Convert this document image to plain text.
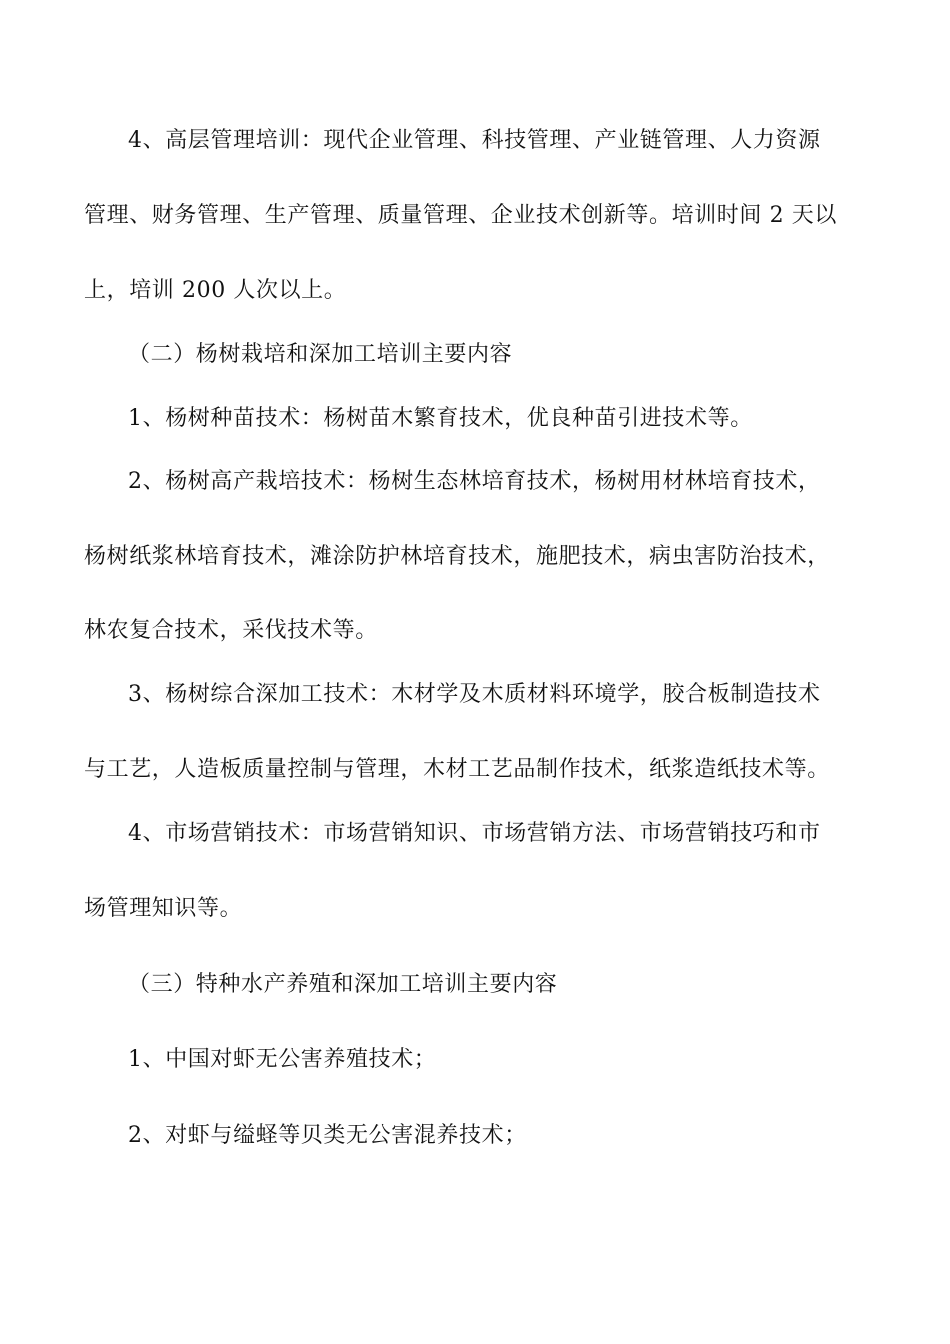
4、高层管理培训：现代企业管理、科技管理、产业链管理、人力资源
管理、财务管理、生产管理、质量管理、企业技术创新等。培训时间 2 天以
上，培训 200 人次以上。
（二）杨树栽培和深加工培训主要内容
1、杨树种苗技术：杨树苗木繁育技术，优良种苗引进技术等。
2、杨树高产栽培技术：杨树生态林培育技术，杨树用材林培育技术，
杨树纸浆林培育技术，滩涂防护林培育技术，施肥技术，病虫害防治技术，
林农复合技术，采伐技术等。
3、杨树综合深加工技术：木材学及木质材料环境学，胶合板制造技术
与工艺，人造板质量控制与管理，木材工艺品制作技术，纸浆造纸技术等。
4、市场营销技术：市场营销知识、市场营销方法、市场营销技巧和市
场管理知识等。
（三）特种水产养殖和深加工培训主要内容
1、中国对虾无公害养殖技术；
2、对虾与缢蛏等贝类无公害混养技术；
